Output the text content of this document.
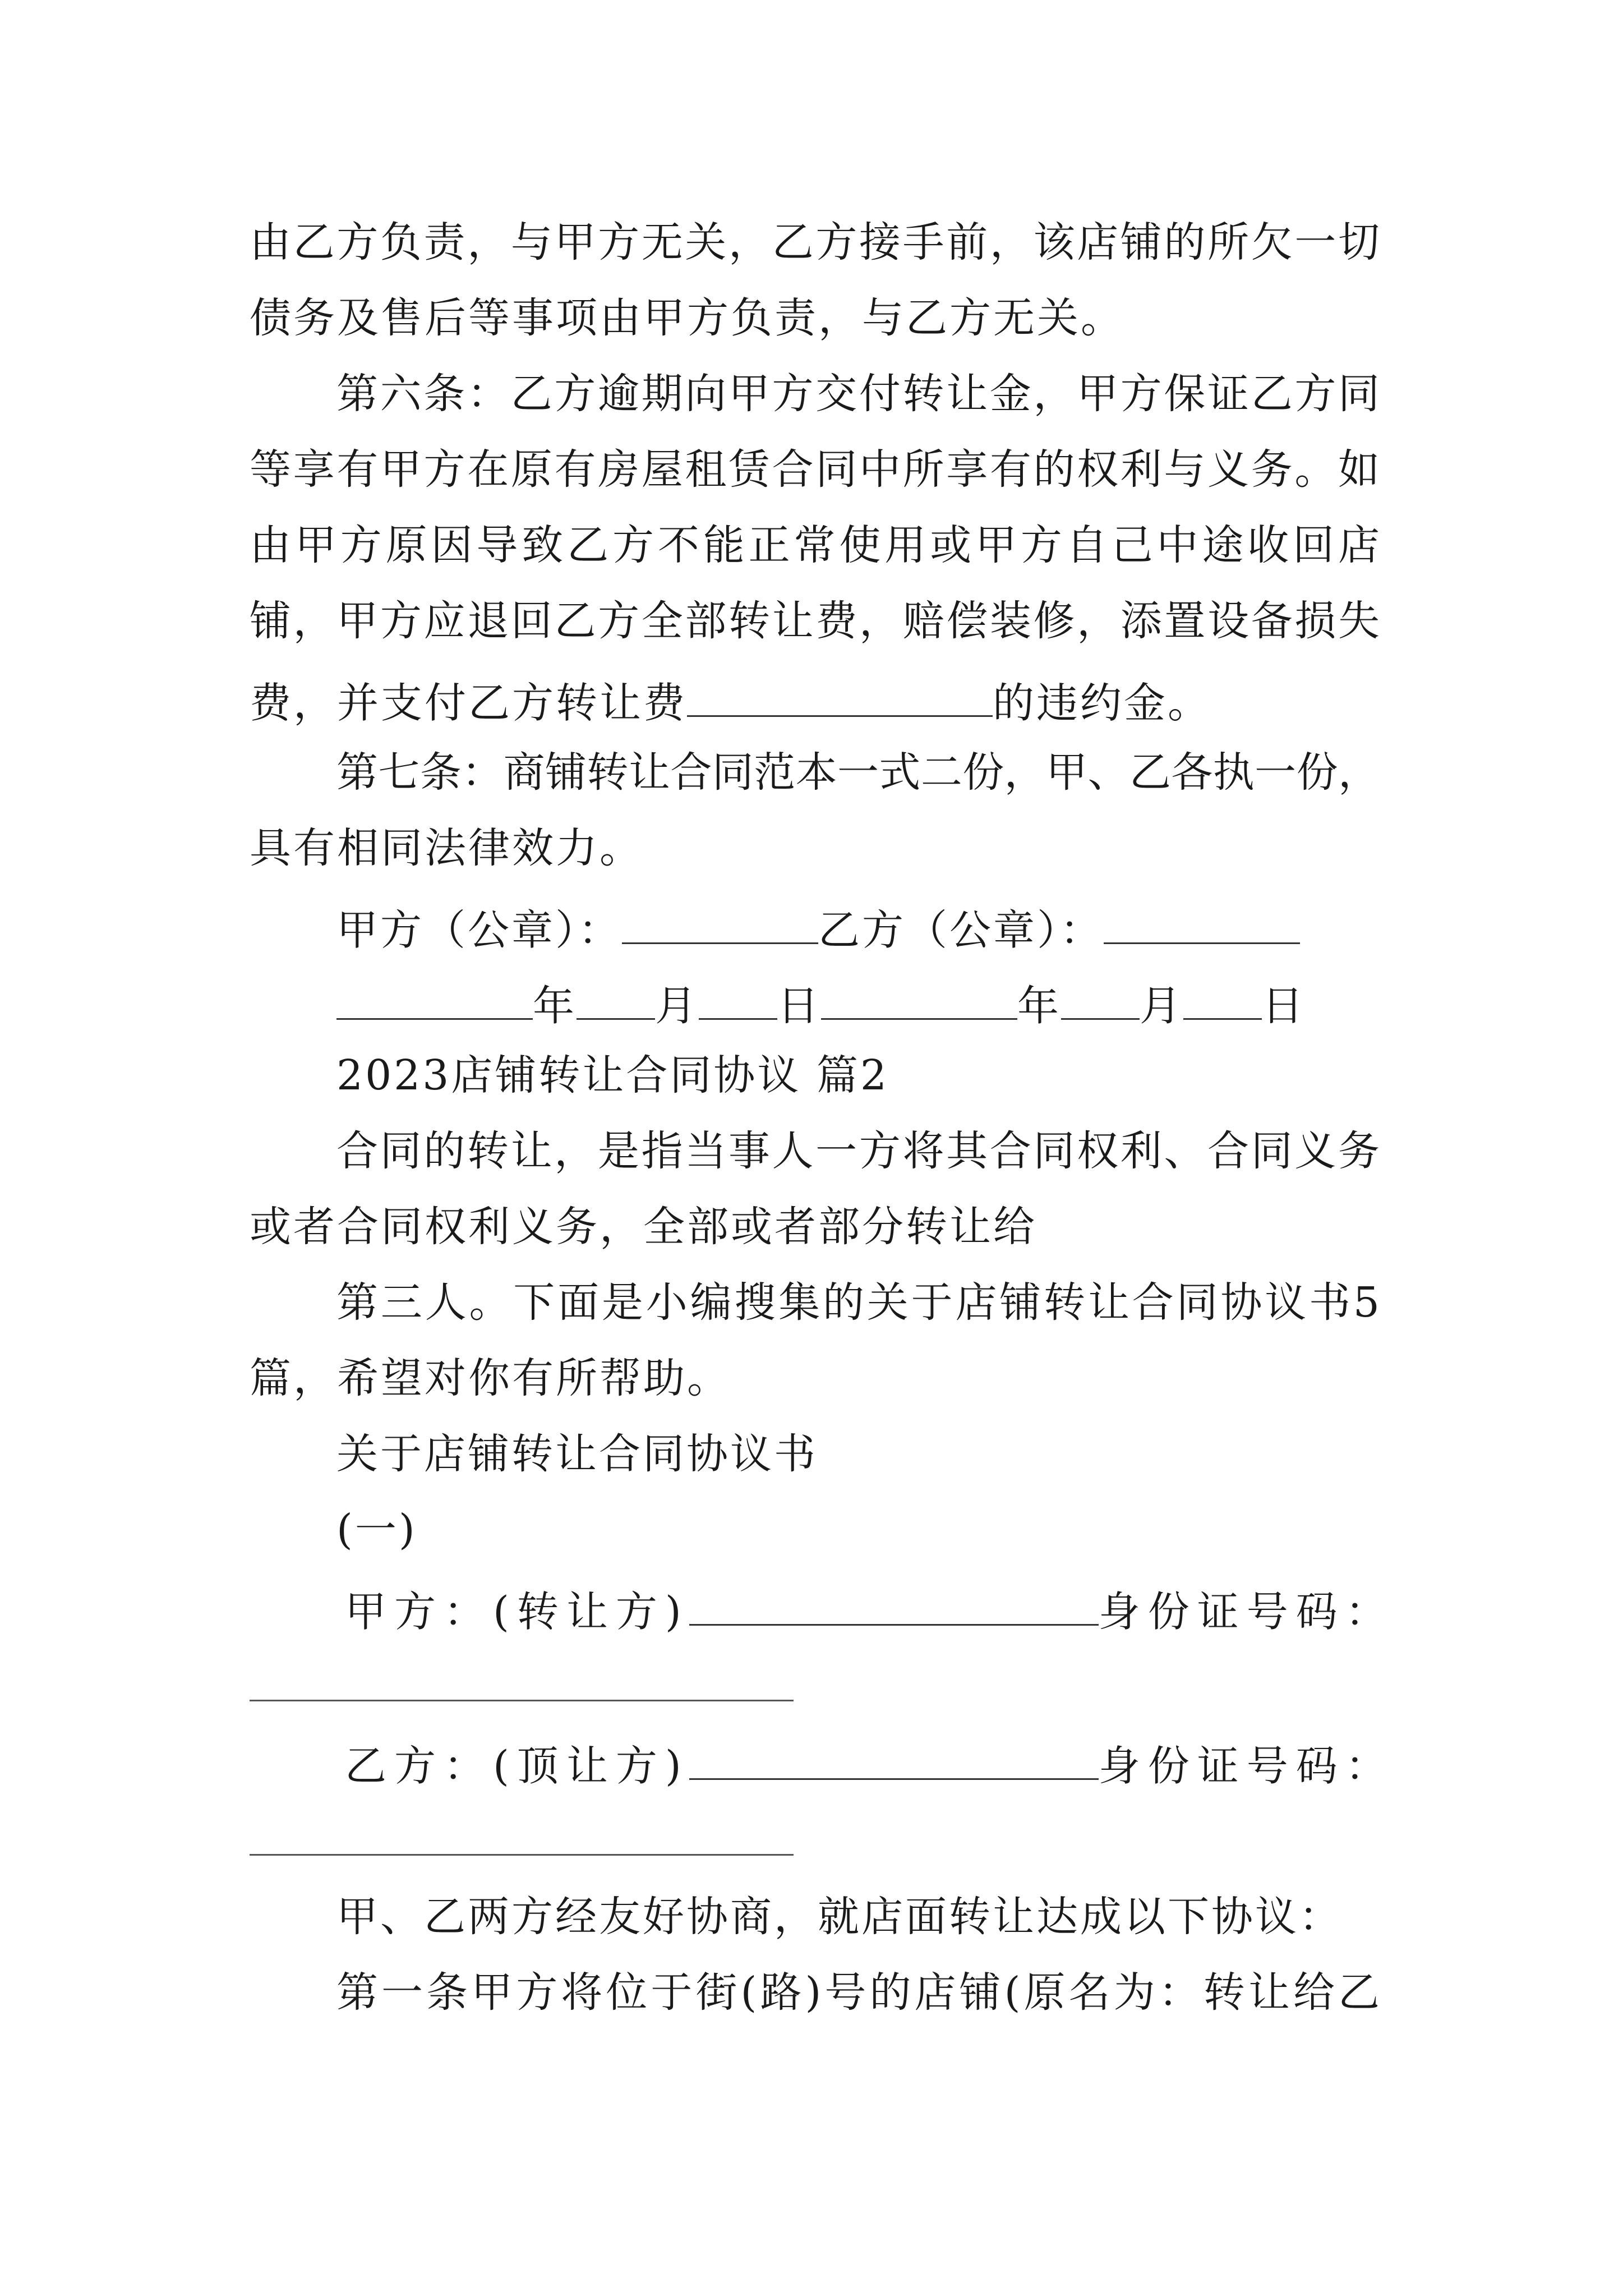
由乙方负责，与甲方无关，乙方接手前，该店铺的所欠一切
债务及售后等事项由甲方负责，与乙方无关。
第六条：乙方逾期向甲方交付转让金，甲方保证乙方同
等享有甲方在原有房屋租赁合同中所享有的权利与义务。如
由甲方原因导致乙方不能正常使用或甲方自己中途收回店
铺，甲方应退回乙方全部转让费，赔偿装修，添置设备损失
费，并支付乙方转让费	的违约金。
第七条：商铺转让合同范本一式二份，甲、乙各执一份，
具有相同法律效力。
甲方（公章）：	乙方（公章）：
年 月 日	年 月 日
2023店铺转让合同协议 篇2
合同的转让，是指当事人一方将其合同权利、合同义务
或者合同权利义务，全部或者部分转让给
第三人。下面是小编搜集的关于店铺转让合同协议书5
篇，希望对你有所帮助。
关于店铺转让合同协议书
(一)
甲方：(转让方)	身份证号码：
乙方：(顶让方)	身份证号码：
甲、乙两方经友好协商，就店面转让达成以下协议：
第一条甲方将位于街(路)号的店铺(原名为：转让给乙
